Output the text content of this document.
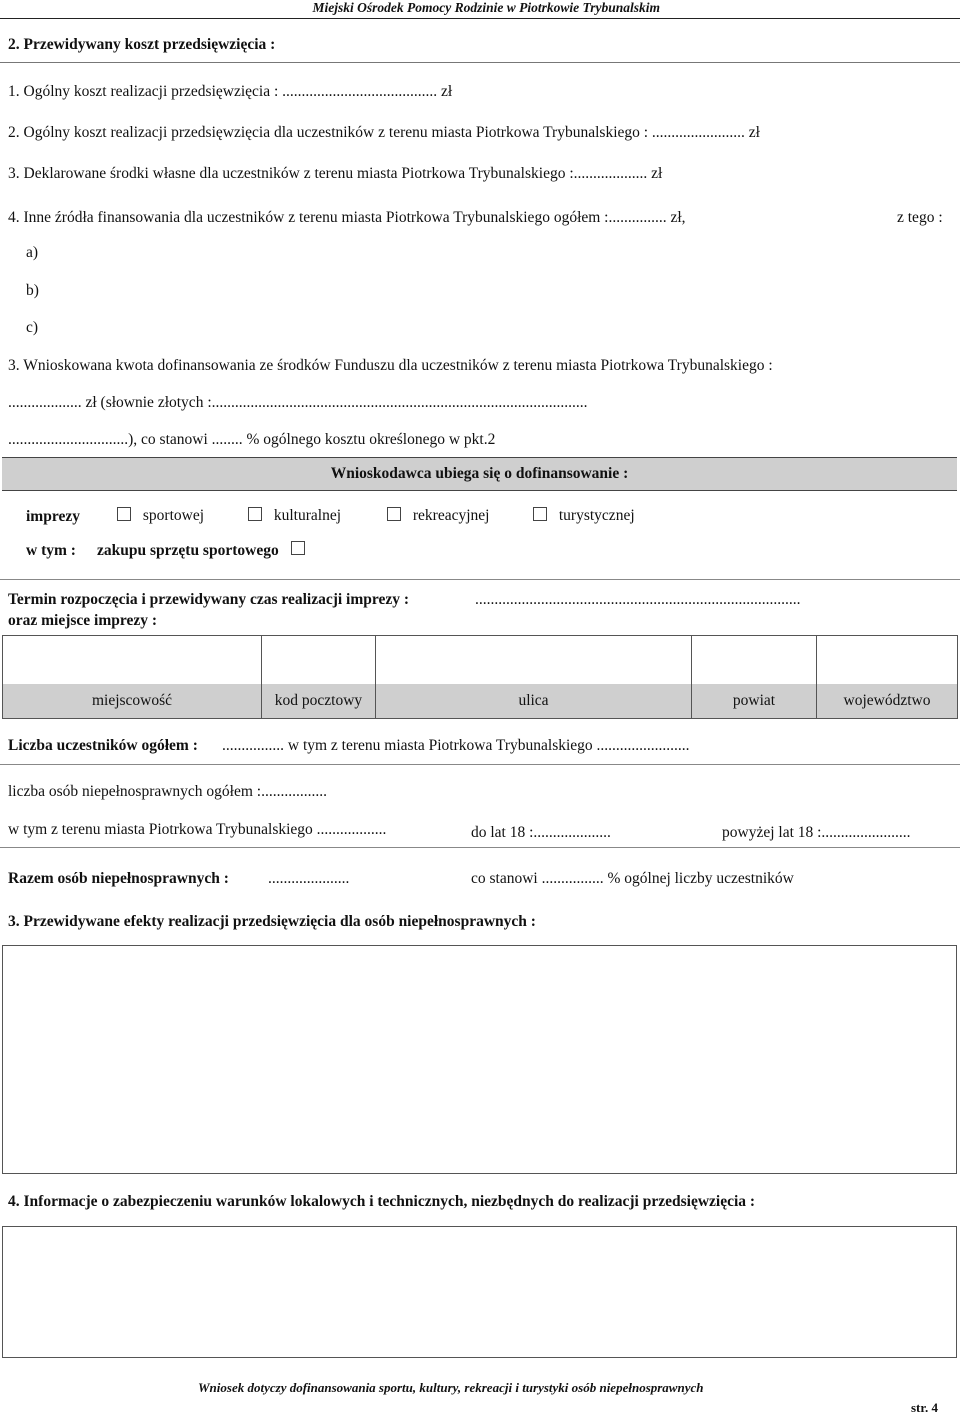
Miejski Ośrodek Pomocy Rodzinie w Piotrkowie Trybunalskim
2. Przewidywany koszt przedsięwzięcia :
1. Ogólny koszt realizacji przedsięwzięcia : ........................................ zł
2. Ogólny koszt realizacji przedsięwzięcia dla uczestników z terenu miasta Piotrkowa Trybunalskiego : ........................ zł
3. Deklarowane środki własne dla uczestników z terenu miasta Piotrkowa Trybunalskiego :................... zł
4. Inne źródła finansowania dla uczestników z terenu miasta Piotrkowa Trybunalskiego ogółem :............... zł,	z tego :
a)
b)
c)
3. Wnioskowana kwota dofinansowania ze środków Funduszu dla uczestników z terenu miasta Piotrkowa Trybunalskiego :
................... zł (słownie złotych :.................................................................................................
...............................), co stanowi ........ % ogólnego kosztu określonego w pkt.2
Wnioskodawca ubiega się o dofinansowanie :
imprezy	sportowej	kulturalnej	rekreacyjnej	turystycznej
w tym : zakupu sprzętu sportowego
Termin rozpoczęcia i przewidywany czas realizacji imprezy :	....................................................................................
oraz miejsce imprezy :

miejscowość	kod pocztowy	ulica	powiat	województwo
Liczba uczestników ogółem : ................ w tym z terenu miasta Piotrkowa Trybunalskiego ........................
liczba osób niepełnosprawnych ogółem :.................
w tym z terenu miasta Piotrkowa Trybunalskiego ..................	do lat 18 :....................	powyżej lat 18 :.......................
Razem osób niepełnosprawnych :	.....................	co stanowi ................ % ogólnej liczby uczestników
3. Przewidywane efekty realizacji przedsięwzięcia dla osób niepełnosprawnych :
4. Informacje o zabezpieczeniu warunków lokalowych i technicznych, niezbędnych do realizacji przedsięwzięcia :
Wniosek dotyczy dofinansowania sportu, kultury, rekreacji i turystyki osób niepełnosprawnych
str. 4
